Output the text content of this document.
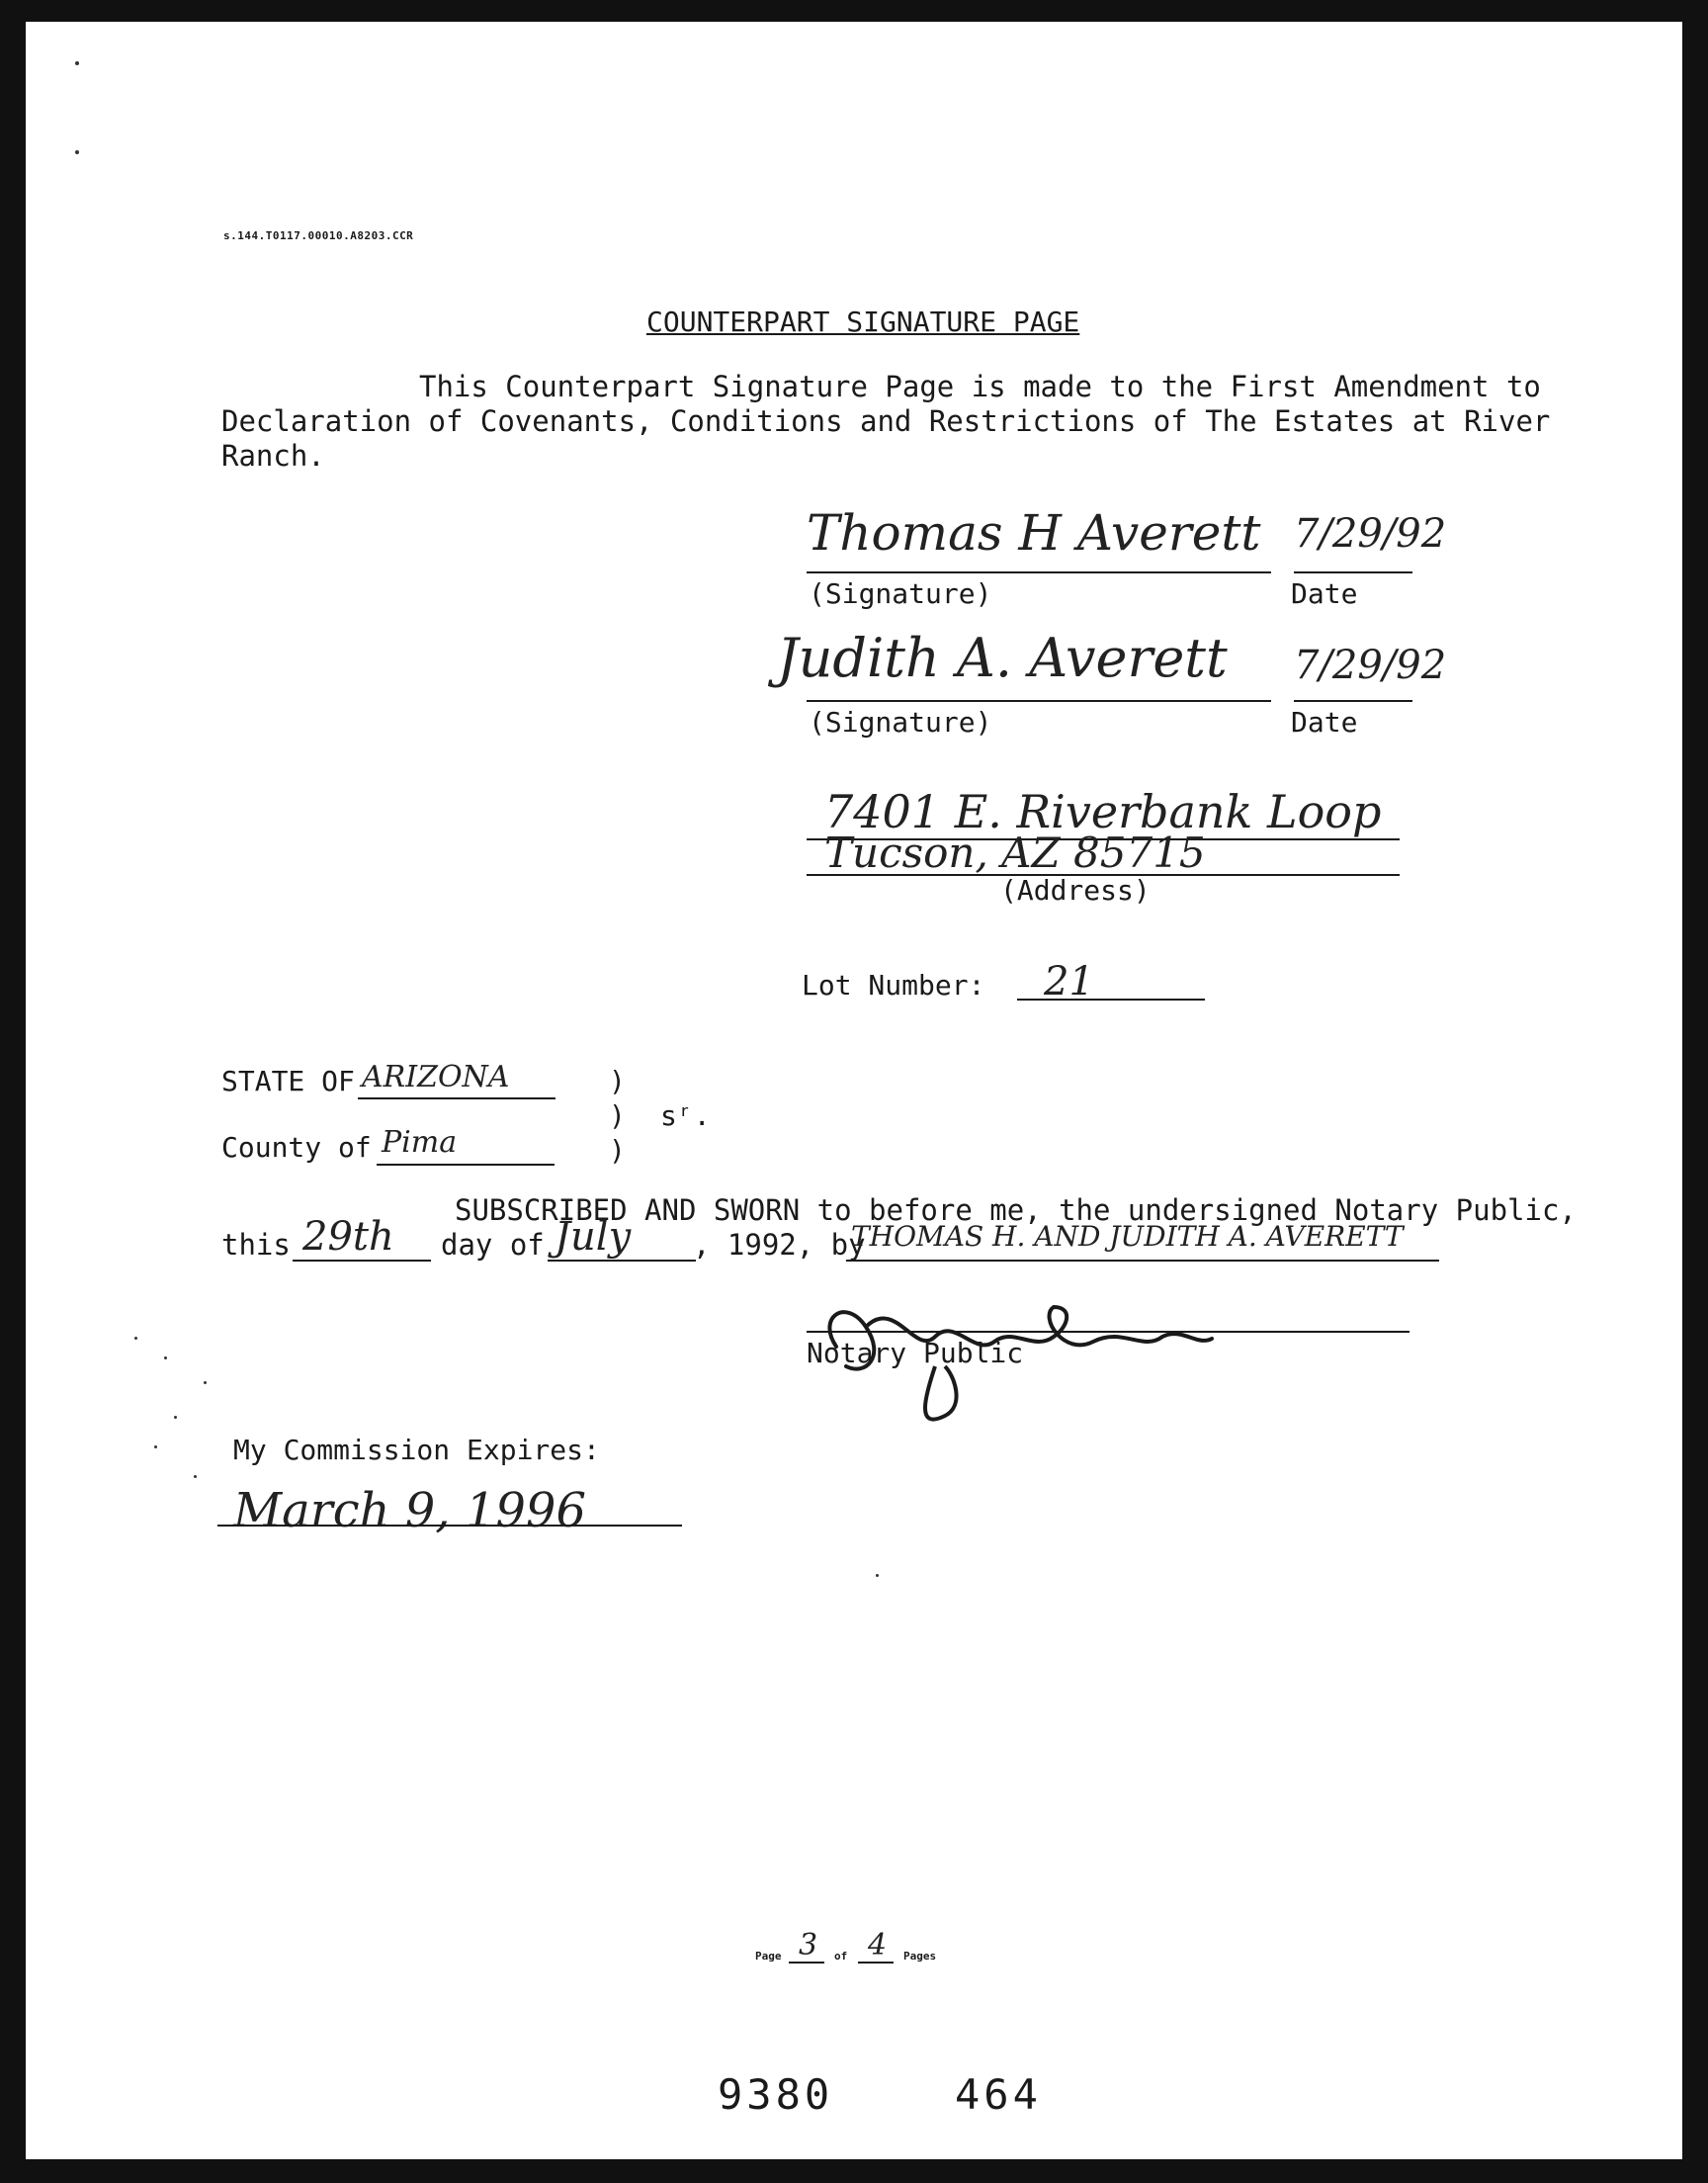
s.144.T0117.00010.A8203.CCR
COUNTERPART SIGNATURE PAGE
This Counterpart Signature Page is made to the First Amendment to
Declaration of Covenants, Conditions and Restrictions of The Estates at River
Ranch.
Thomas H Averett 7/29/92
(Signature)	Date
Judith A. Averett 7/29/92
(Signature)	Date
7401 E. Riverbank Loop
Tucson, AZ 85715
(Address)
Lot Number: 21
STATE OF ARIZONA
County of Pima
)
)
)
sʳ.
SUBSCRIBED AND SWORN to before me, the undersigned Notary Public,
this 29th day of July , 1992, by
THOMAS H. AND JUDITH A. AVERETT
Notary Public
My Commission Expires:
March 9, 1996
Page 3 of 4 Pages
9380	464
